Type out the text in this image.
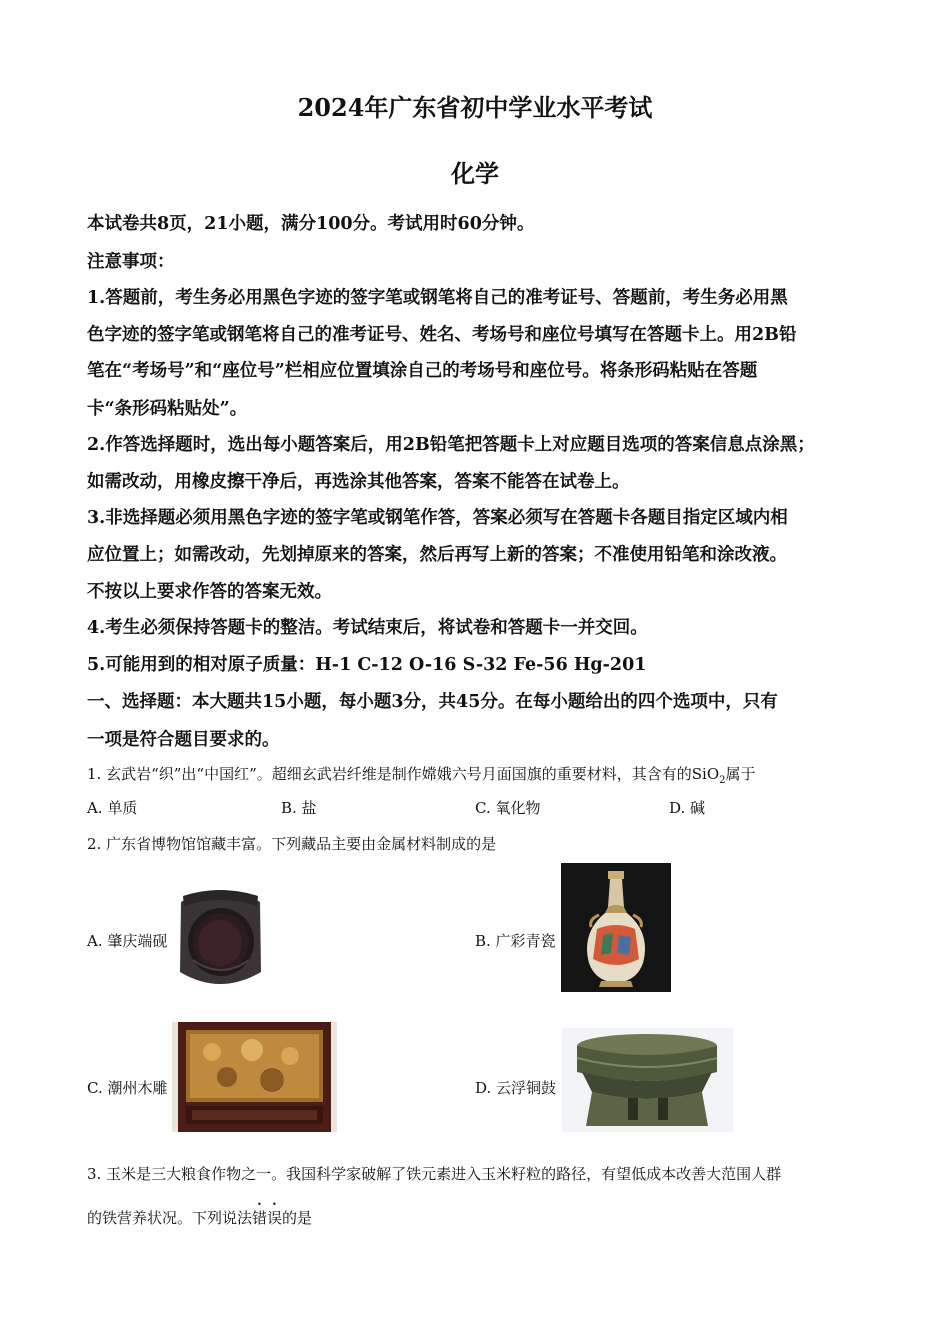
2024年广东省初中学业水平考试
化学
本试卷共8页，21小题，满分100分。考试用时60分钟。
注意事项：
1.答题前，考生务必用黑色字迹的签字笔或钢笔将自己的准考证号、答题前，考生务必用黑
色字迹的签字笔或钢笔将自己的准考证号、姓名、考场号和座位号填写在答题卡上。用2B铅
笔在“考场号”和“座位号”栏相应位置填涂自己的考场号和座位号。将条形码粘贴在答题
卡“条形码粘贴处”。
2.作答选择题时，选出每小题答案后，用2B铅笔把答题卡上对应题目选项的答案信息点涂黑；
如需改动，用橡皮擦干净后，再选涂其他答案，答案不能答在试卷上。
3.非选择题必须用黑色字迹的签字笔或钢笔作答，答案必须写在答题卡各题目指定区域内相
应位置上；如需改动，先划掉原来的答案，然后再写上新的答案；不准使用铅笔和涂改液。
不按以上要求作答的答案无效。
4.考生必须保持答题卡的整洁。考试结束后，将试卷和答题卡一并交回。
5.可能用到的相对原子质量：H-1 C-12 O-16 S-32 Fe-56 Hg-201
一、选择题：本大题共15小题，每小题3分，共45分。在每小题给出的四个选项中，只有
一项是符合题目要求的。
1. 玄武岩“织”出“中国红”。超细玄武岩纤维是制作嫦娥六号月面国旗的重要材料，其含有的SiO$_2$属于
A. 单质	B. 盐	C. 氧化物	D. 碱
2. 广东省博物馆馆藏丰富。下列藏品主要由金属材料制成的是
A. 肇庆端砚	B. 广彩青瓷
C. 潮州木雕	D. 云浮铜鼓
3. 玉米是三大粮食作物之一。我国科学家破解了铁元素进入玉米籽粒的路径，有望低成本改善大范围人群
的铁营养状况。下列说法错误的是
